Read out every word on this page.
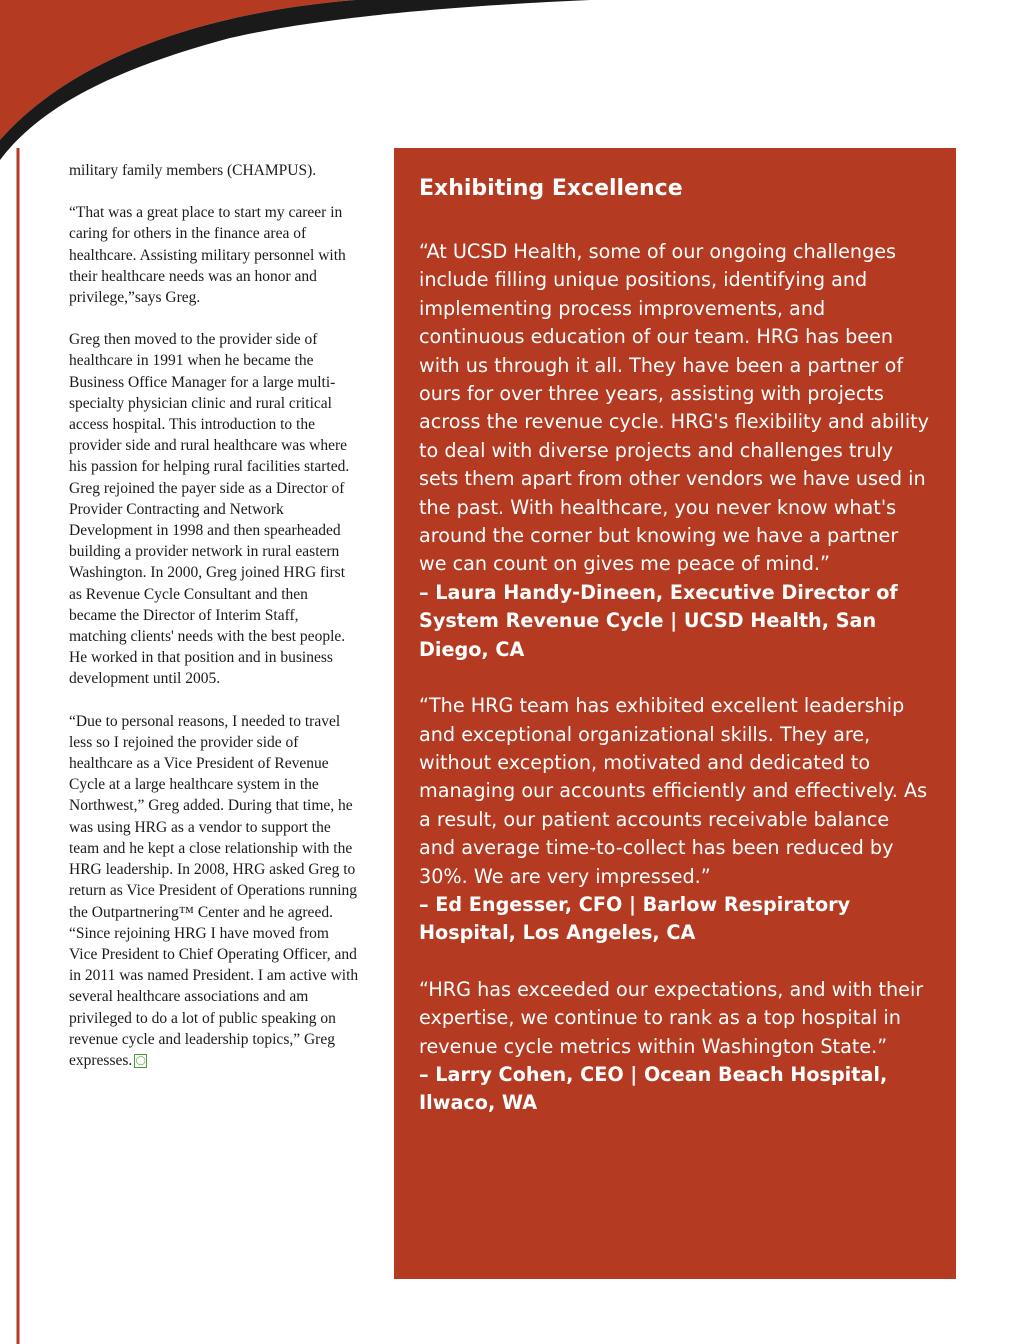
military family members (CHAMPUS).

“That was a great place to start my career in caring for others in the finance area of healthcare. Assisting military personnel with their healthcare needs was an honor and privilege,”says Greg.

Greg then moved to the provider side of healthcare in 1991 when he became the Business Office Manager for a large multi-specialty physician clinic and rural critical access hospital. This introduction to the provider side and rural healthcare was where his passion for helping rural facilities started. Greg rejoined the payer side as a Director of Provider Contracting and Network Development in 1998 and then spearheaded building a provider network in rural eastern Washington. In 2000, Greg joined HRG first as Revenue Cycle Consultant and then became the Director of Interim Staff, matching clients' needs with the best people. He worked in that position and in business development until 2005.

“Due to personal reasons, I needed to travel less so I rejoined the provider side of healthcare as a Vice President of Revenue Cycle at a large healthcare system in the Northwest,” Greg added. During that time, he was using HRG as a vendor to support the team and he kept a close relationship with the HRG leadership. In 2008, HRG asked Greg to return as Vice President of Operations running the Outpartnering™ Center and he agreed. “Since rejoining HRG I have moved from Vice President to Chief Operating Officer, and in 2011 was named President. I am active with several healthcare associations and am privileged to do a lot of public speaking on revenue cycle and leadership topics,” Greg expresses. ◯

Exhibiting Excellence
“At UCSD Health, some of our ongoing challenges include filling unique positions, identifying and implementing process improvements, and continuous education of our team. HRG has been with us through it all. They have been a partner of ours for over three years, assisting with projects across the revenue cycle. HRG's flexibility and ability to deal with diverse projects and challenges truly sets them apart from other vendors we have used in the past. With healthcare, you never know what's around the corner but knowing we have a partner we can count on gives me peace of mind.”
– Laura Handy-Dineen, Executive Director of System Revenue Cycle | UCSD Health, San Diego, CA
“The HRG team has exhibited excellent leadership and exceptional organizational skills. They are, without exception, motivated and dedicated to managing our accounts efficiently and effectively. As a result, our patient accounts receivable balance and average time-to-collect has been reduced by 30%. We are very impressed.”
– Ed Engesser, CFO | Barlow Respiratory Hospital, Los Angeles, CA
“HRG has exceeded our expectations, and with their expertise, we continue to rank as a top hospital in revenue cycle metrics within Washington State.”
– Larry Cohen, CEO | Ocean Beach Hospital, Ilwaco, WA
